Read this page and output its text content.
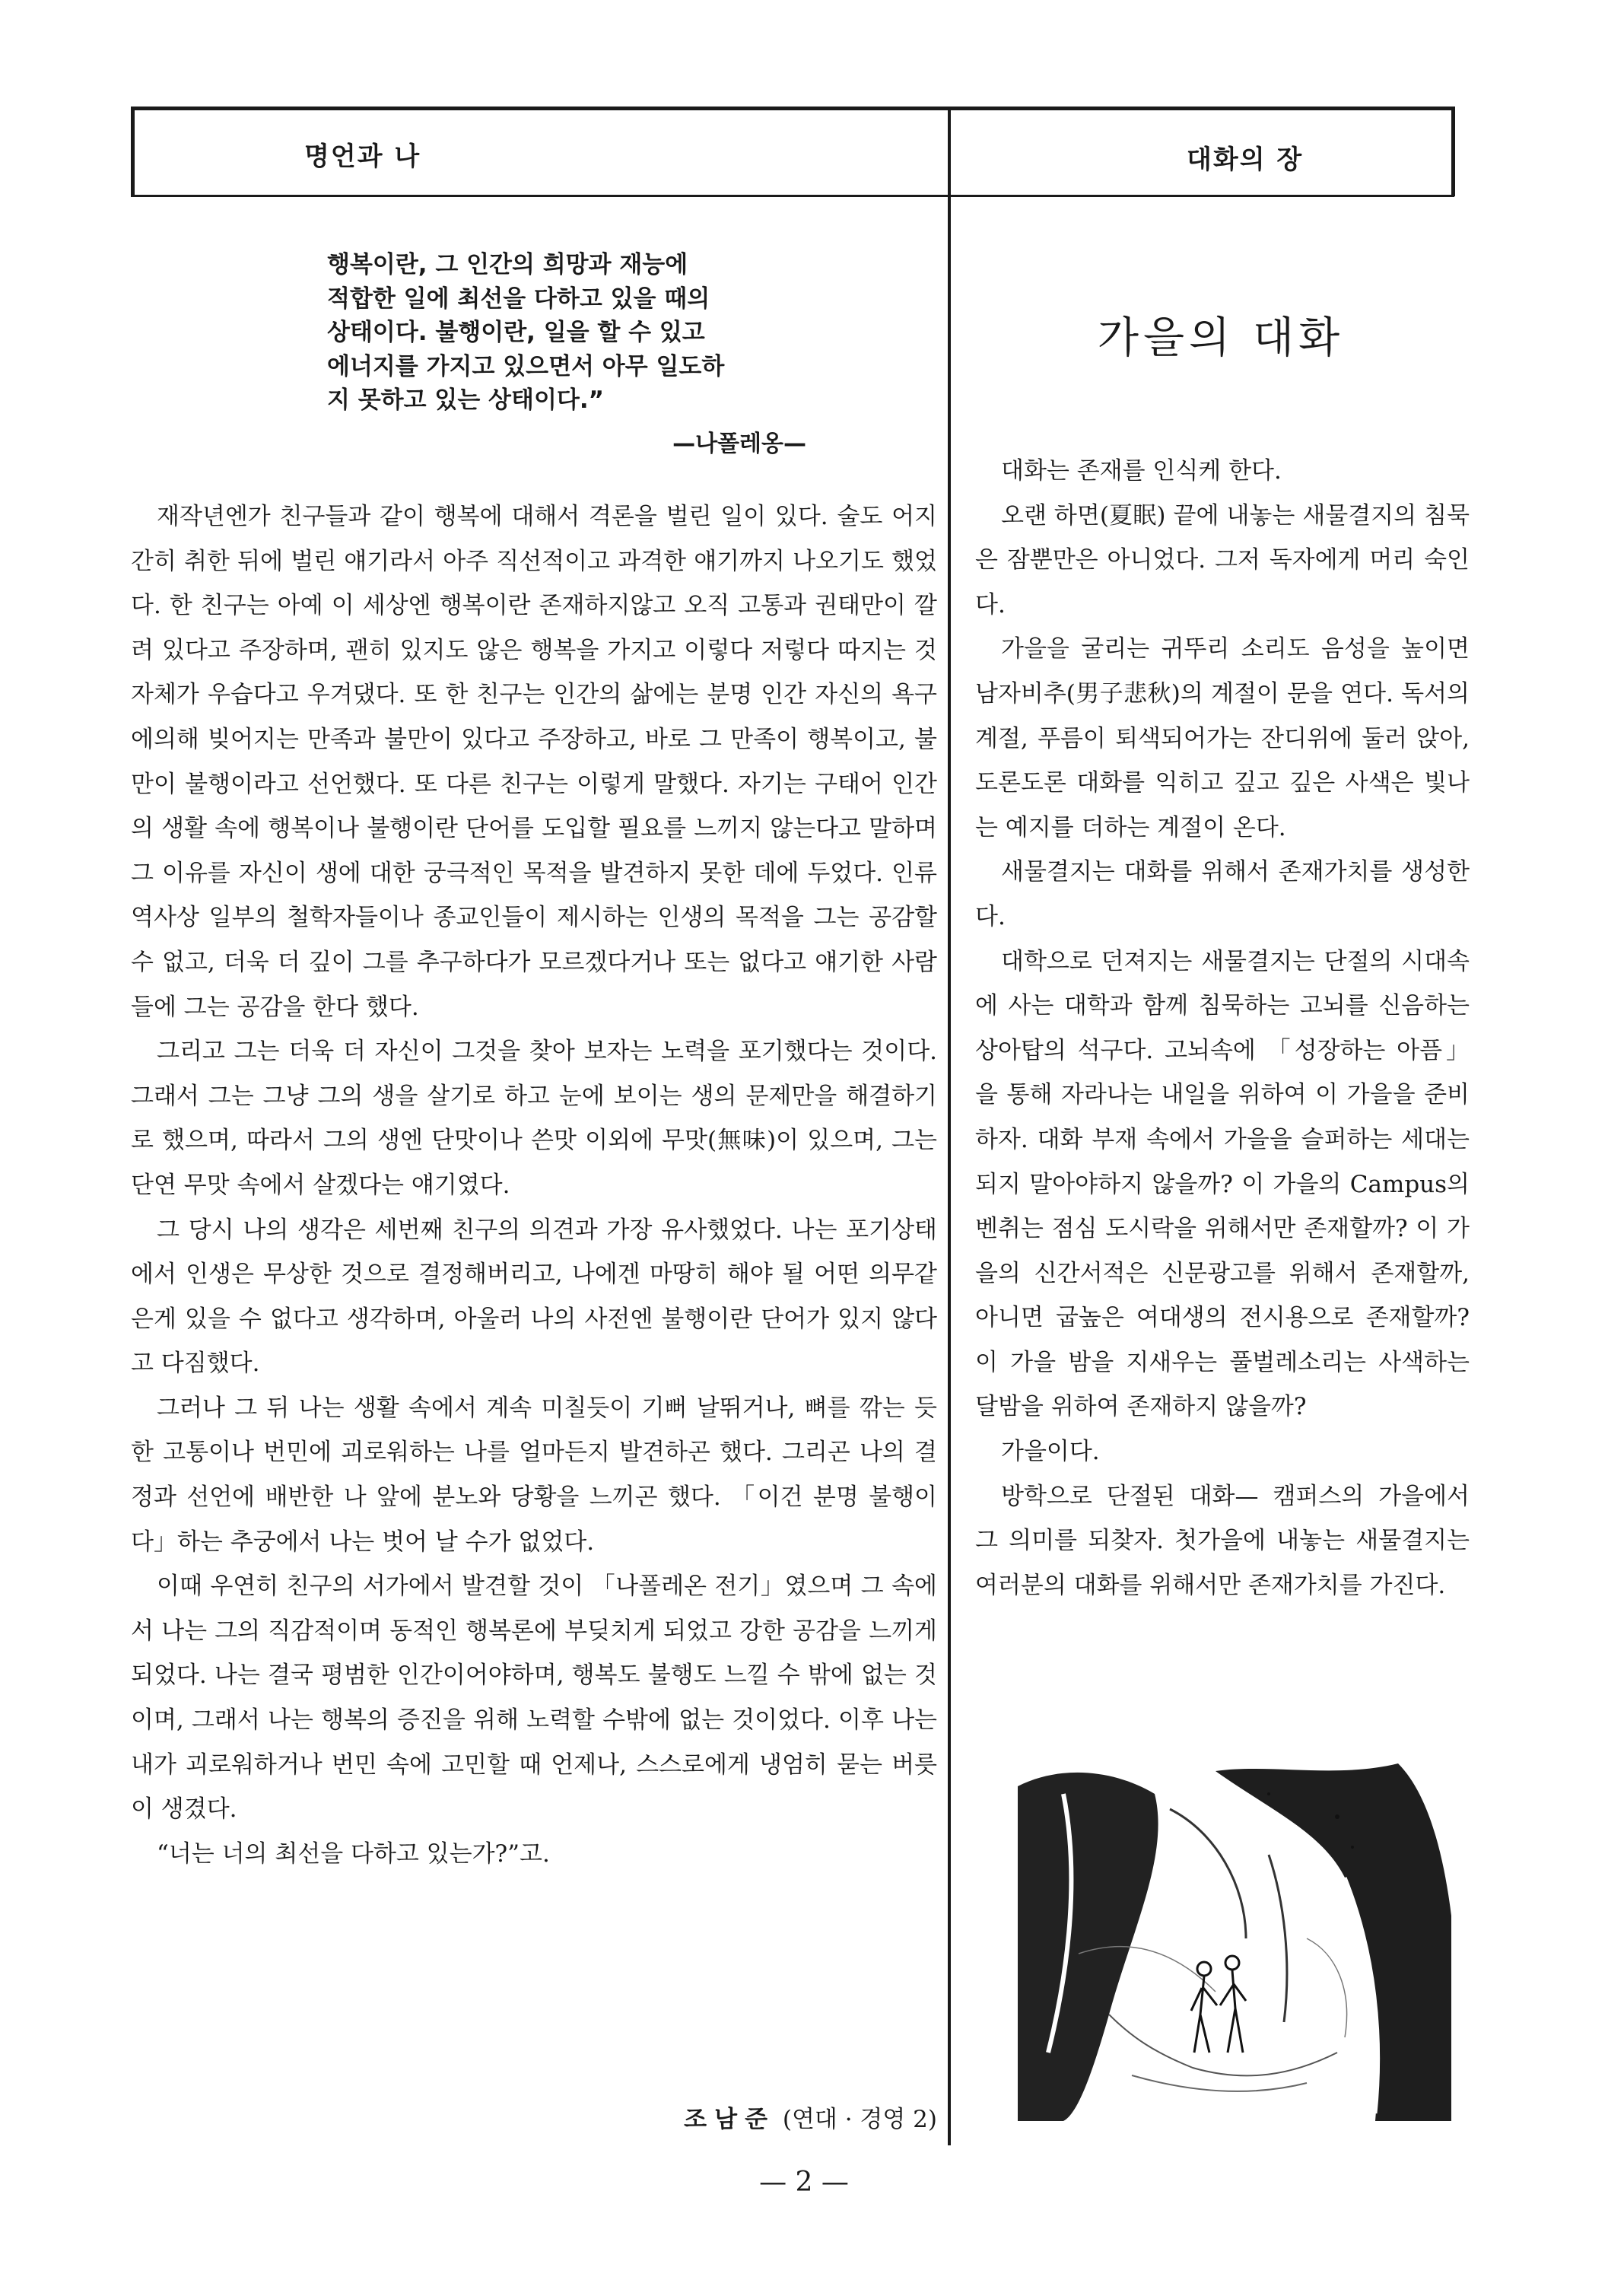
명언과 나	대화의 장
행복이란, 그 인간의 희망과 재능에
적합한 일에 최선을 다하고 있을 때의
상태이다. 불행이란, 일을 할 수 있고
에너지를 가지고 있으면서 아무 일도하
지 못하고 있는 상태이다.”
—나폴레옹—

재작년엔가 친구들과 같이 행복에 대해서 격론을 벌린 일이 있다. 술도 어지간히 취한 뒤에 벌린 얘기라서 아주 직선적이고 과격한 얘기까지 나오기도 했었다. 한 친구는 아예 이 세상엔 행복이란 존재하지않고 오직 고통과 권태만이 깔려 있다고 주장하며, 괜히 있지도 않은 행복을 가지고 이렇다 저렇다 따지는 것 자체가 우습다고 우겨댔다. 또 한 친구는 인간의 삶에는 분명 인간 자신의 욕구에의해 빚어지는 만족과 불만이 있다고 주장하고, 바로 그 만족이 행복이고, 불만이 불행이라고 선언했다. 또 다른 친구는 이렇게 말했다. 자기는 구태어 인간의 생활 속에 행복이나 불행이란 단어를 도입할 필요를 느끼지 않는다고 말하며 그 이유를 자신이 생에 대한 궁극적인 목적을 발견하지 못한 데에 두었다. 인류 역사상 일부의 철학자들이나 종교인들이 제시하는 인생의 목적을 그는 공감할 수 없고, 더욱 더 깊이 그를 추구하다가 모르겠다거나 또는 없다고 얘기한 사람들에 그는 공감을 한다 했다.

그리고 그는 더욱 더 자신이 그것을 찾아 보자는 노력을 포기했다는 것이다. 그래서 그는 그냥 그의 생을 살기로 하고 눈에 보이는 생의 문제만을 해결하기로 했으며, 따라서 그의 생엔 단맛이나 쓴맛 이외에 무맛(無味)이 있으며, 그는 단연 무맛 속에서 살겠다는 얘기였다.

그 당시 나의 생각은 세번째 친구의 의견과 가장 유사했었다. 나는 포기상태에서 인생은 무상한 것으로 결정해버리고, 나에겐 마땅히 해야 될 어떤 의무같은게 있을 수 없다고 생각하며, 아울러 나의 사전엔 불행이란 단어가 있지 않다고 다짐했다.

그러나 그 뒤 나는 생활 속에서 계속 미칠듯이 기뻐 날뛰거나, 뼈를 깎는 듯한 고통이나 번민에 괴로워하는 나를 얼마든지 발견하곤 했다. 그리곤 나의 결정과 선언에 배반한 나 앞에 분노와 당황을 느끼곤 했다. 「이건 분명 불행이다」하는 추궁에서 나는 벗어 날 수가 없었다.

이때 우연히 친구의 서가에서 발견할 것이 「나폴레온 전기」였으며 그 속에서 나는 그의 직감적이며 동적인 행복론에 부딪치게 되었고 강한 공감을 느끼게 되었다. 나는 결국 평범한 인간이어야하며, 행복도 불행도 느낄 수 밖에 없는 것이며, 그래서 나는 행복의 증진을 위해 노력할 수밖에 없는 것이었다. 이후 나는 내가 괴로워하거나 번민 속에 고민할 때 언제나, 스스로에게 냉엄히 묻는 버릇이 생겼다.

“너는 너의 최선을 다하고 있는가?”고.

조남준 (연대 · 경영 2)
가을의 대화

대화는 존재를 인식케 한다.

오랜 하면(夏眠) 끝에 내놓는 새물결지의 침묵은 잠뿐만은 아니었다. 그저 독자에게 머리 숙인다.

가을을 굴리는 귀뚜리 소리도 음성을 높이면 남자비추(男子悲秋)의 계절이 문을 연다. 독서의 계절, 푸름이 퇴색되어가는 잔디위에 둘러 앉아, 도론도론 대화를 익히고 깊고 깊은 사색은 빛나는 예지를 더하는 계절이 온다.

새물결지는 대화를 위해서 존재가치를 생성한다.

대학으로 던져지는 새물결지는 단절의 시대속에 사는 대학과 함께 침묵하는 고뇌를 신음하는 상아탑의 석구다. 고뇌속에 「성장하는 아픔」을 통해 자라나는 내일을 위하여 이 가을을 준비하자. 대화 부재 속에서 가을을 슬퍼하는 세대는 되지 말아야하지 않을까? 이 가을의 Campus의 벤취는 점심 도시락을 위해서만 존재할까? 이 가을의 신간서적은 신문광고를 위해서 존재할까, 아니면 굽높은 여대생의 전시용으로 존재할까? 이 가을 밤을 지새우는 풀벌레소리는 사색하는 달밤을 위하여 존재하지 않을까?

가을이다.

방학으로 단절된 대화— 캠퍼스의 가을에서 그 의미를 되찾자. 첫가을에 내놓는 새물결지는 여러분의 대화를 위해서만 존재가치를 가진다.

— 2 —
